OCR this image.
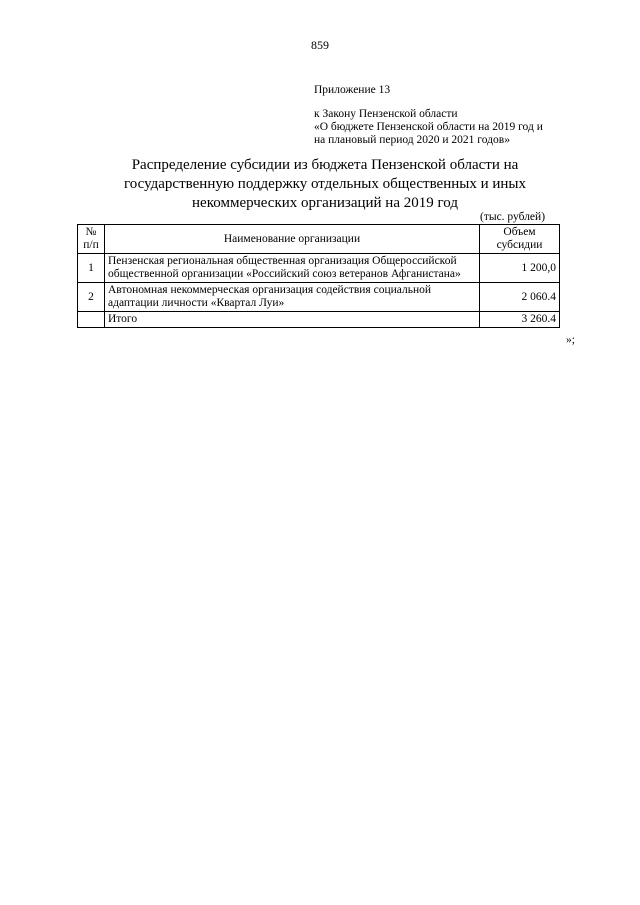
859
Приложение 13
к Закону Пензенской области
«О бюджете Пензенской области на 2019 год и
на плановый период 2020 и 2021 годов»
Распределение субсидии из бюджета Пензенской области на государственную поддержку отдельных общественных и иных некоммерческих организаций на 2019 год
(тыс. рублей)
№ п/п	Наименование организации	Объем субсидии
1	Пензенская региональная общественная организация Общероссийской общественной организации «Российский союз ветеранов Афганистана»	1 200,0
2	Автономная некоммерческая организация содействия социальной адаптации личности «Квартал Луи»	2 060.4
	Итого	3 260.4
»;
